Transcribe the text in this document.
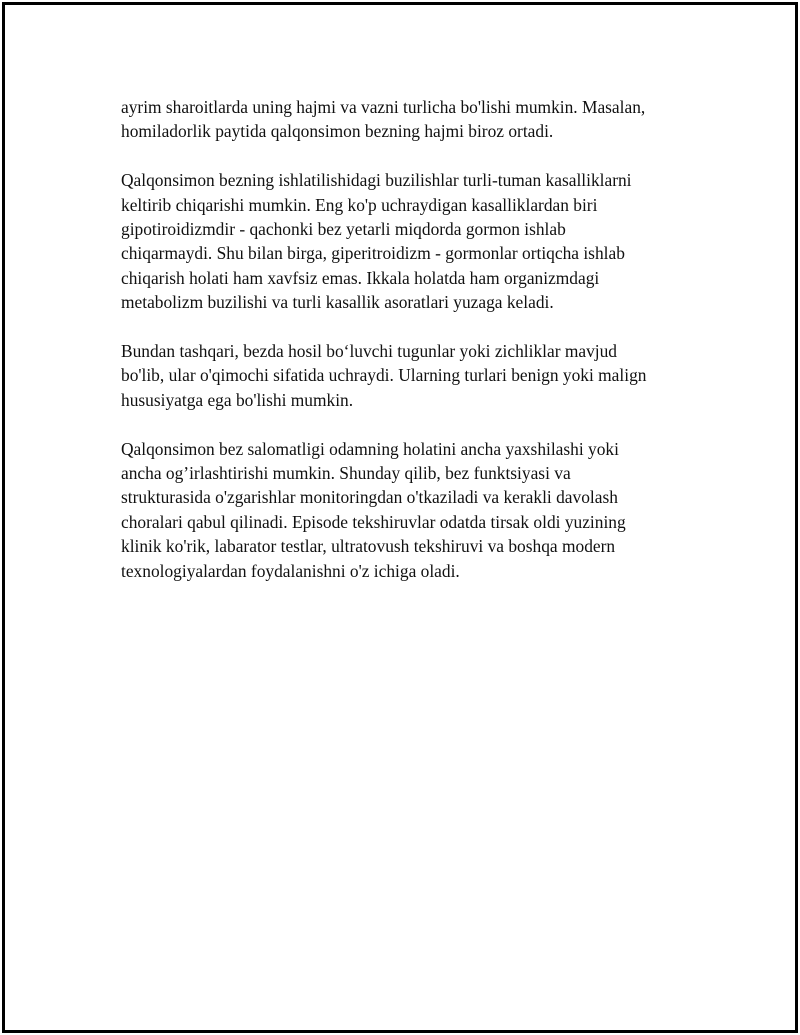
ayrim sharoitlarda uning hajmi va vazni turlicha bo'lishi mumkin. Masalan,
homiladorlik paytida qalqonsimon bezning hajmi biroz ortadi.

Qalqonsimon bezning ishlatilishidagi buzilishlar turli-tuman kasalliklarni
keltirib chiqarishi mumkin. Eng ko'p uchraydigan kasalliklardan biri
gipotiroidizmdir - qachonki bez yetarli miqdorda gormon ishlab
chiqarmaydi. Shu bilan birga, giperitroidizm - gormonlar ortiqcha ishlab
chiqarish holati ham xavfsiz emas. Ikkala holatda ham organizmdagi
metabolizm buzilishi va turli kasallik asoratlari yuzaga keladi.

Bundan tashqari, bezda hosil bo‘luvchi tugunlar yoki zichliklar mavjud
bo'lib, ular o'qimochi sifatida uchraydi. Ularning turlari benign yoki malign
hususiyatga ega bo'lishi mumkin.

Qalqonsimon bez salomatligi odamning holatini ancha yaxshilashi yoki
ancha og’irlashtirishi mumkin. Shunday qilib, bez funktsiyasi va
strukturasida o'zgarishlar monitoringdan o'tkaziladi va kerakli davolash
choralari qabul qilinadi. Episode tekshiruvlar odatda tirsak oldi yuzining
klinik ko'rik, labarator testlar, ultratovush tekshiruvi va boshqa modern
texnologiyalardan foydalanishni o'z ichiga oladi.
